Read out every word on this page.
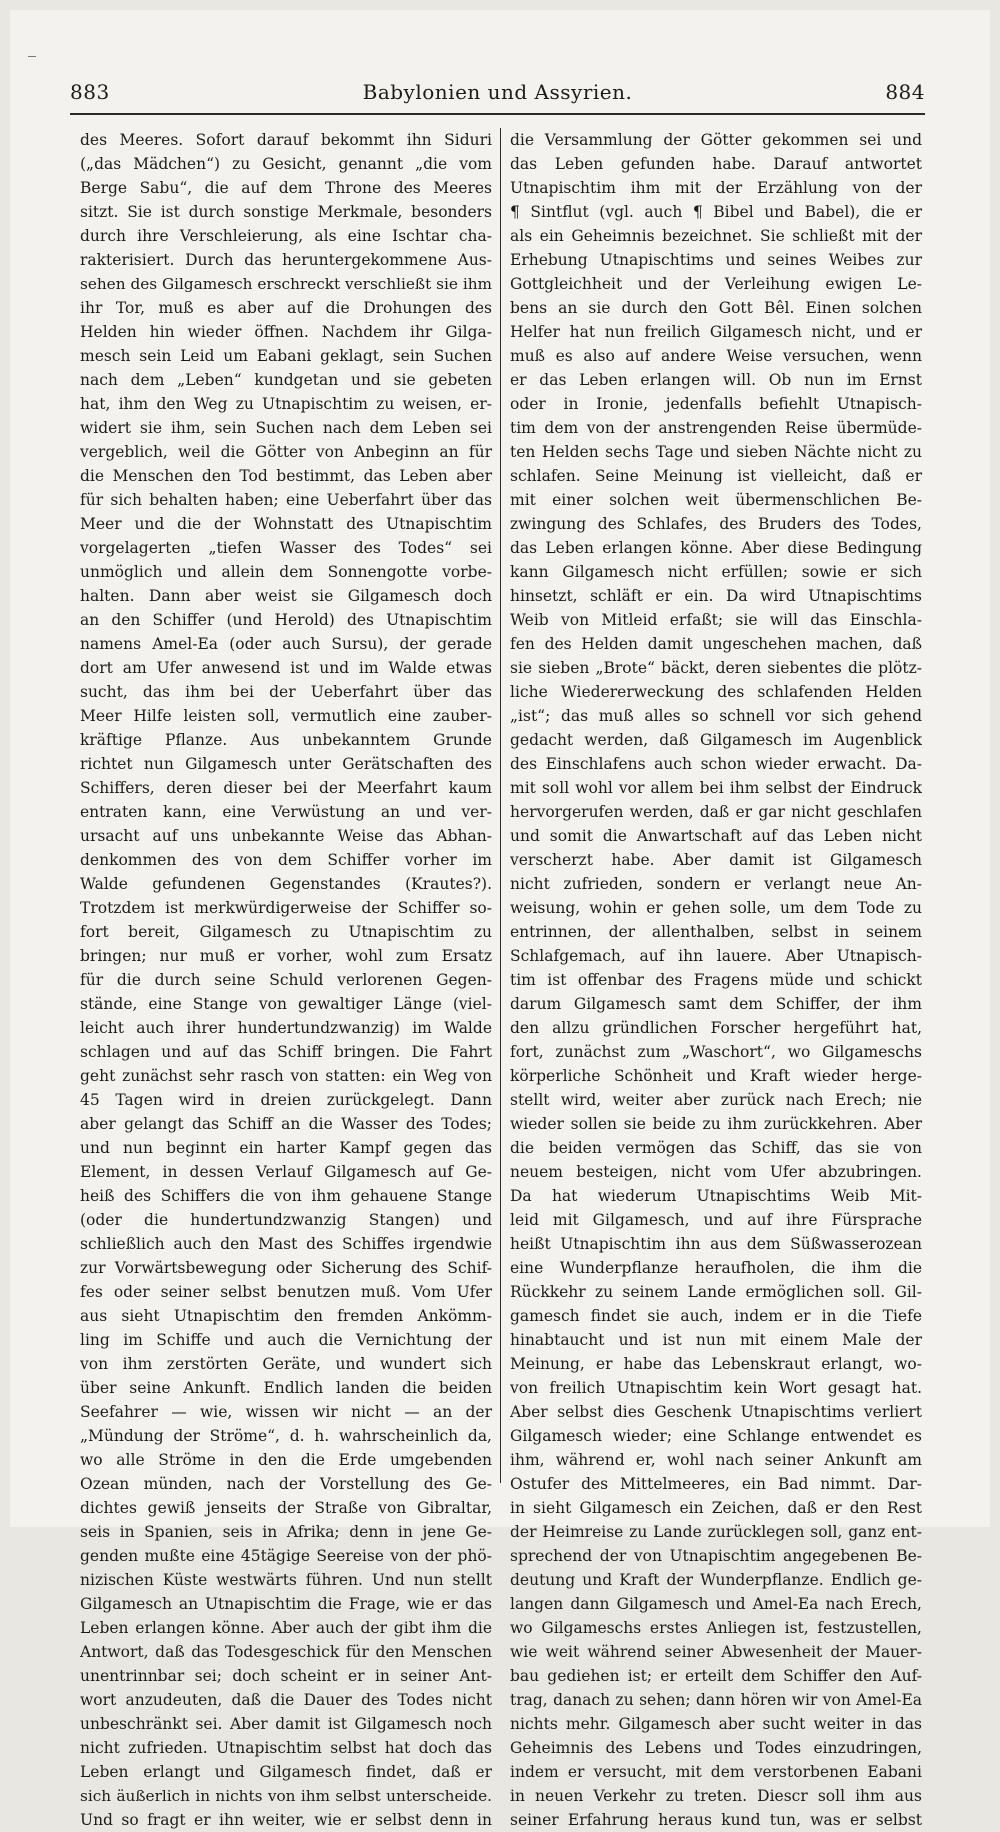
883	Babylonien und Assyrien.	884
des Meeres. Sofort darauf bekommt ihn Siduri
(„das Mädchen“) zu Gesicht, genannt „die vom
Berge Sabu“, die auf dem Throne des Meeres
sitzt. Sie ist durch sonstige Merkmale, besonders
durch ihre Verschleierung, als eine Ischtar cha-
rakterisiert. Durch das heruntergekommene Aus-
sehen des Gilgamesch erschreckt verschließt sie ihm
ihr Tor, muß es aber auf die Drohungen des
Helden hin wieder öffnen. Nachdem ihr Gilga-
mesch sein Leid um Eabani geklagt, sein Suchen
nach dem „Leben“ kundgetan und sie gebeten
hat, ihm den Weg zu Utnapischtim zu weisen, er-
widert sie ihm, sein Suchen nach dem Leben sei
vergeblich, weil die Götter von Anbeginn an für
die Menschen den Tod bestimmt, das Leben aber
für sich behalten haben; eine Ueberfahrt über das
Meer und die der Wohnstatt des Utnapischtim
vorgelagerten „tiefen Wasser des Todes“ sei
unmöglich und allein dem Sonnengotte vorbe-
halten. Dann aber weist sie Gilgamesch doch
an den Schiffer (und Herold) des Utnapischtim
namens Amel-Ea (oder auch Sursu), der gerade
dort am Ufer anwesend ist und im Walde etwas
sucht, das ihm bei der Ueberfahrt über das
Meer Hilfe leisten soll, vermutlich eine zauber-
kräftige Pflanze. Aus unbekanntem Grunde
richtet nun Gilgamesch unter Gerätschaften des
Schiffers, deren dieser bei der Meerfahrt kaum
entraten kann, eine Verwüstung an und ver-
ursacht auf uns unbekannte Weise das Abhan-
denkommen des von dem Schiffer vorher im
Walde gefundenen Gegenstandes (Krautes?).
Trotzdem ist merkwürdigerweise der Schiffer so-
fort bereit, Gilgamesch zu Utnapischtim zu
bringen; nur muß er vorher, wohl zum Ersatz
für die durch seine Schuld verlorenen Gegen-
stände, eine Stange von gewaltiger Länge (viel-
leicht auch ihrer hundertundzwanzig) im Walde
schlagen und auf das Schiff bringen. Die Fahrt
geht zunächst sehr rasch von statten: ein Weg von
45 Tagen wird in dreien zurückgelegt. Dann
aber gelangt das Schiff an die Wasser des Todes;
und nun beginnt ein harter Kampf gegen das
Element, in dessen Verlauf Gilgamesch auf Ge-
heiß des Schiffers die von ihm gehauene Stange
(oder die hundertundzwanzig Stangen) und
schließlich auch den Mast des Schiffes irgendwie
zur Vorwärtsbewegung oder Sicherung des Schif-
fes oder seiner selbst benutzen muß. Vom Ufer
aus sieht Utnapischtim den fremden Ankömm-
ling im Schiffe und auch die Vernichtung der
von ihm zerstörten Geräte, und wundert sich
über seine Ankunft. Endlich landen die beiden
Seefahrer — wie, wissen wir nicht — an der
„Mündung der Ströme“, d. h. wahrscheinlich da,
wo alle Ströme in den die Erde umgebenden
Ozean münden, nach der Vorstellung des Ge-
dichtes gewiß jenseits der Straße von Gibraltar,
seis in Spanien, seis in Afrika; denn in jene Ge-
genden mußte eine 45tägige Seereise von der phö-
nizischen Küste westwärts führen. Und nun stellt
Gilgamesch an Utnapischtim die Frage, wie er das
Leben erlangen könne. Aber auch der gibt ihm die
Antwort, daß das Todesgeschick für den Menschen
unentrinnbar sei; doch scheint er in seiner Ant-
wort anzudeuten, daß die Dauer des Todes nicht
unbeschränkt sei. Aber damit ist Gilgamesch noch
nicht zufrieden. Utnapischtim selbst hat doch das
Leben erlangt und Gilgamesch findet, daß er
sich äußerlich in nichts von ihm selbst unterscheide.
Und so fragt er ihn weiter, wie er selbst denn in
die Versammlung der Götter gekommen sei und
das Leben gefunden habe. Darauf antwortet
Utnapischtim ihm mit der Erzählung von der
¶ Sintflut (vgl. auch ¶ Bibel und Babel), die er
als ein Geheimnis bezeichnet. Sie schließt mit der
Erhebung Utnapischtims und seines Weibes zur
Gottgleichheit und der Verleihung ewigen Le-
bens an sie durch den Gott Bêl. Einen solchen
Helfer hat nun freilich Gilgamesch nicht, und er
muß es also auf andere Weise versuchen, wenn
er das Leben erlangen will. Ob nun im Ernst
oder in Ironie, jedenfalls befiehlt Utnapisch-
tim dem von der anstrengenden Reise übermüde-
ten Helden sechs Tage und sieben Nächte nicht zu
schlafen. Seine Meinung ist vielleicht, daß er
mit einer solchen weit übermenschlichen Be-
zwingung des Schlafes, des Bruders des Todes,
das Leben erlangen könne. Aber diese Bedingung
kann Gilgamesch nicht erfüllen; sowie er sich
hinsetzt, schläft er ein. Da wird Utnapischtims
Weib von Mitleid erfaßt; sie will das Einschla-
fen des Helden damit ungeschehen machen, daß
sie sieben „Brote“ bäckt, deren siebentes die plötz-
liche Wiedererweckung des schlafenden Helden
„ist“; das muß alles so schnell vor sich gehend
gedacht werden, daß Gilgamesch im Augenblick
des Einschlafens auch schon wieder erwacht. Da-
mit soll wohl vor allem bei ihm selbst der Eindruck
hervorgerufen werden, daß er gar nicht geschlafen
und somit die Anwartschaft auf das Leben nicht
verscherzt habe. Aber damit ist Gilgamesch
nicht zufrieden, sondern er verlangt neue An-
weisung, wohin er gehen solle, um dem Tode zu
entrinnen, der allenthalben, selbst in seinem
Schlafgemach, auf ihn lauere. Aber Utnapisch-
tim ist offenbar des Fragens müde und schickt
darum Gilgamesch samt dem Schiffer, der ihm
den allzu gründlichen Forscher hergeführt hat,
fort, zunächst zum „Waschort“, wo Gilgameschs
körperliche Schönheit und Kraft wieder herge-
stellt wird, weiter aber zurück nach Erech; nie
wieder sollen sie beide zu ihm zurückkehren. Aber
die beiden vermögen das Schiff, das sie von
neuem besteigen, nicht vom Ufer abzubringen.
Da hat wiederum Utnapischtims Weib Mit-
leid mit Gilgamesch, und auf ihre Fürsprache
heißt Utnapischtim ihn aus dem Süßwasserozean
eine Wunderpflanze heraufholen, die ihm die
Rückkehr zu seinem Lande ermöglichen soll. Gil-
gamesch findet sie auch, indem er in die Tiefe
hinabtaucht und ist nun mit einem Male der
Meinung, er habe das Lebenskraut erlangt, wo-
von freilich Utnapischtim kein Wort gesagt hat.
Aber selbst dies Geschenk Utnapischtims verliert
Gilgamesch wieder; eine Schlange entwendet es
ihm, während er, wohl nach seiner Ankunft am
Ostufer des Mittelmeeres, ein Bad nimmt. Dar-
in sieht Gilgamesch ein Zeichen, daß er den Rest
der Heimreise zu Lande zurücklegen soll, ganz ent-
sprechend der von Utnapischtim angegebenen Be-
deutung und Kraft der Wunderpflanze. Endlich ge-
langen dann Gilgamesch und Amel-Ea nach Erech,
wo Gilgameschs erstes Anliegen ist, festzustellen,
wie weit während seiner Abwesenheit der Mauer-
bau gediehen ist; er erteilt dem Schiffer den Auf-
trag, danach zu sehen; dann hören wir von Amel-Ea
nichts mehr. Gilgamesch aber sucht weiter in das
Geheimnis des Lebens und Todes einzudringen,
indem er versucht, mit dem verstorbenen Eabani
in neuen Verkehr zu treten. Diescr soll ihm aus
seiner Erfahrung heraus kund tun, was er selbst
